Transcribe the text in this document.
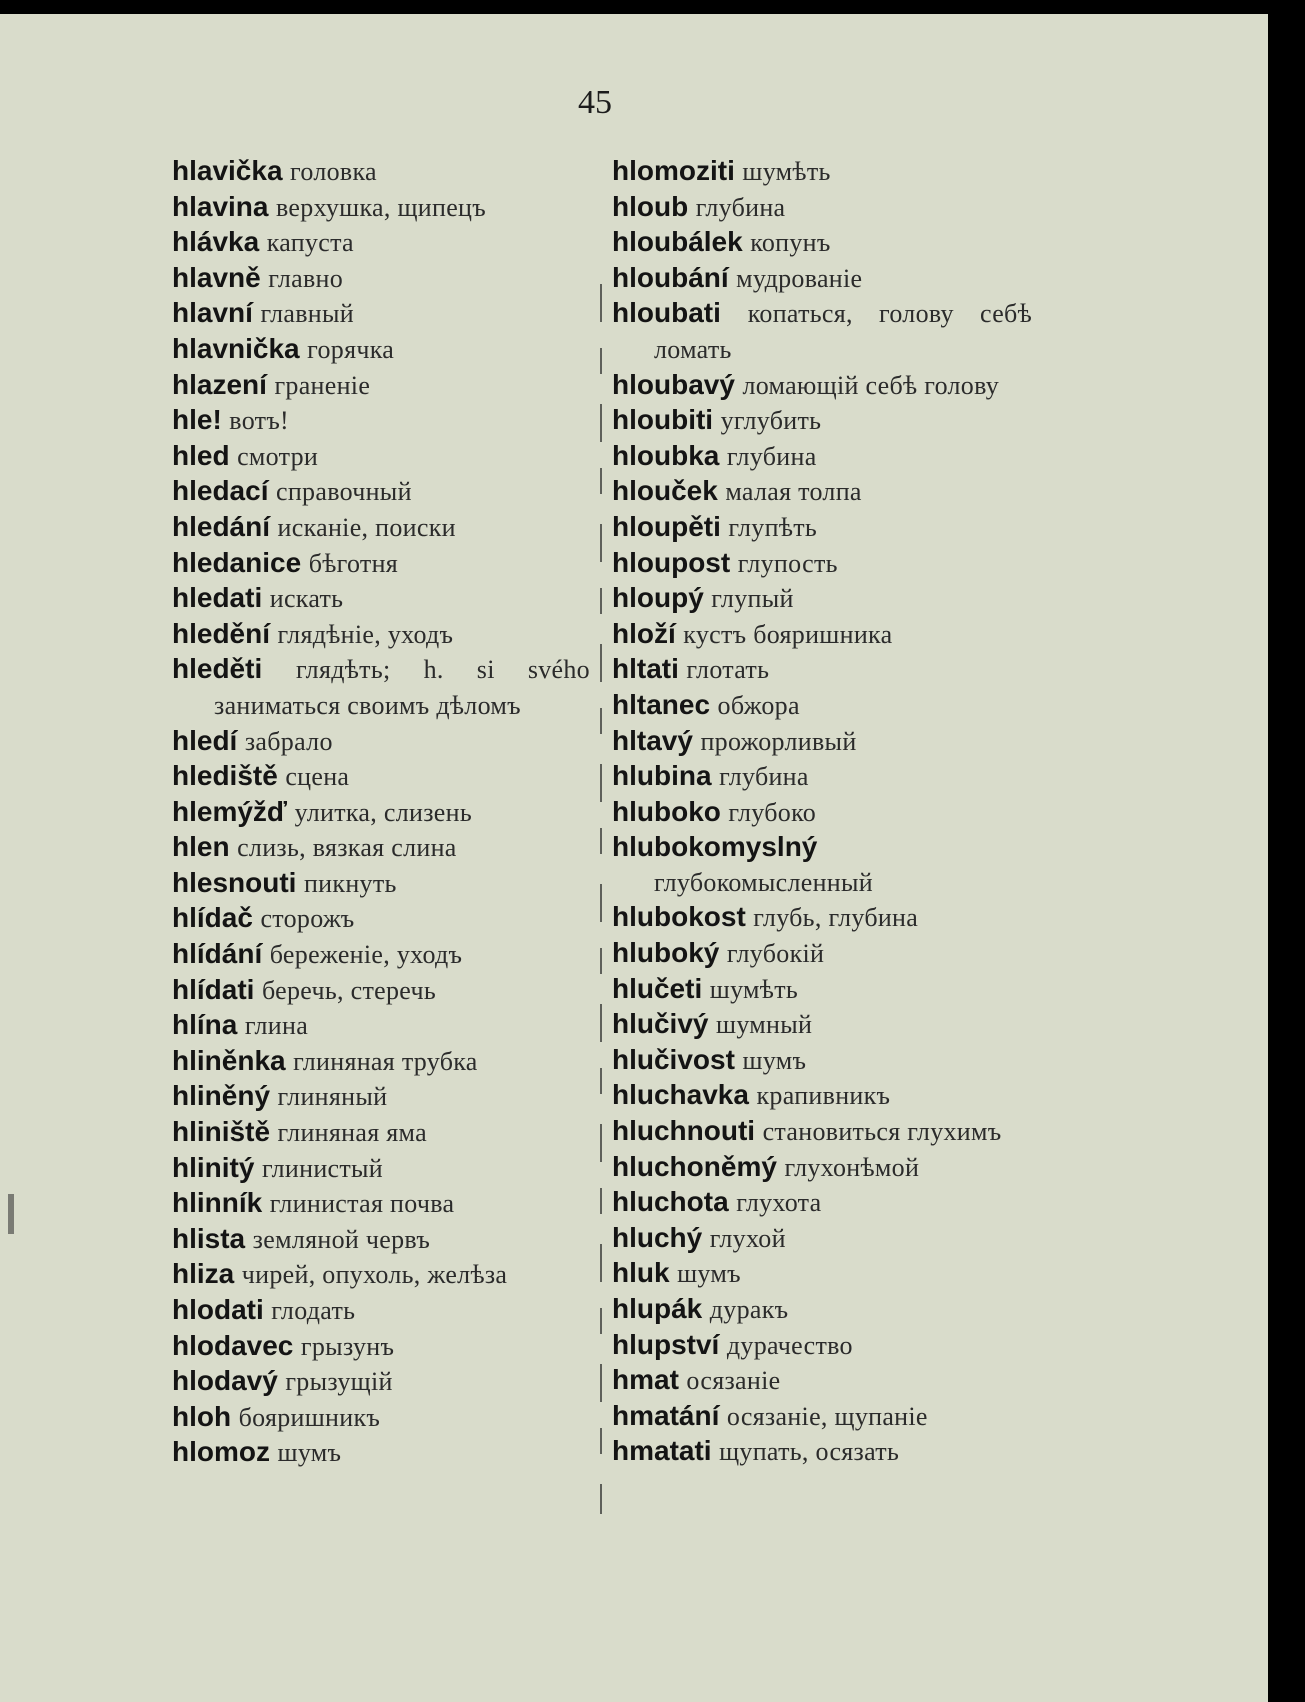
45
hlavička головка
hlavina верхушка, щипецъ
hlávka капуста
hlavně главно
hlavní главный
hlavnička горячка
hlazení граненіе
hle! вотъ!
hled смотри
hledací справочный
hledání исканіе, поиски
hledanice бѣготня
hledati искать
hledění глядѣніе, уходъ
hleděti глядѣть; h. si svého заниматься своимъ дѣломъ
hledí забрало
hlediště сцена
hlemýžď улитка, слизень
hlen слизь, вязкая слина
hlesnouti пикнуть
hlídač сторожъ
hlídání береженіе, уходъ
hlídati беречь, стеречь
hlína глина
hliněnka глиняная трубка
hliněný глиняный
hliniště глиняная яма
hlinitý глинистый
hlinník глинистая почва
hlista земляной червъ
hliza чирей, опухоль, желѣза
hlodati глодать
hlodavec грызунъ
hlodavý грызущій
hloh бояришникъ
hlomoz шумъ
hlomoziti шумѣть
hloub глубина
hloubálek копунъ
hloubání мудрованіе
hloubati копаться, голову себѣ ломать
hloubavý ломающій себѣ голову
hloubiti углубить
hloubka глубина
hlouček малая толпа
hloupěti глупѣть
hloupost глупость
hloupý глупый
hloží кустъ бояришника
hltati глотать
hltanec обжора
hltavý прожорливый
hlubina глубина
hluboko глубоко
hlubokomyslný глубокомысленный
hlubokost глубь, глубина
hluboký глубокій
hlučeti шумѣть
hlučivý шумный
hlučivost шумъ
hluchavka крапивникъ
hluchnouti становиться глухимъ
hluchoněmý глухонѣмой
hluchota глухота
hluchý глухой
hluk шумъ
hlupák дуракъ
hlupství дурачество
hmat осязаніе
hmatání осязаніе, щупаніе
hmatati щупать, осязать
